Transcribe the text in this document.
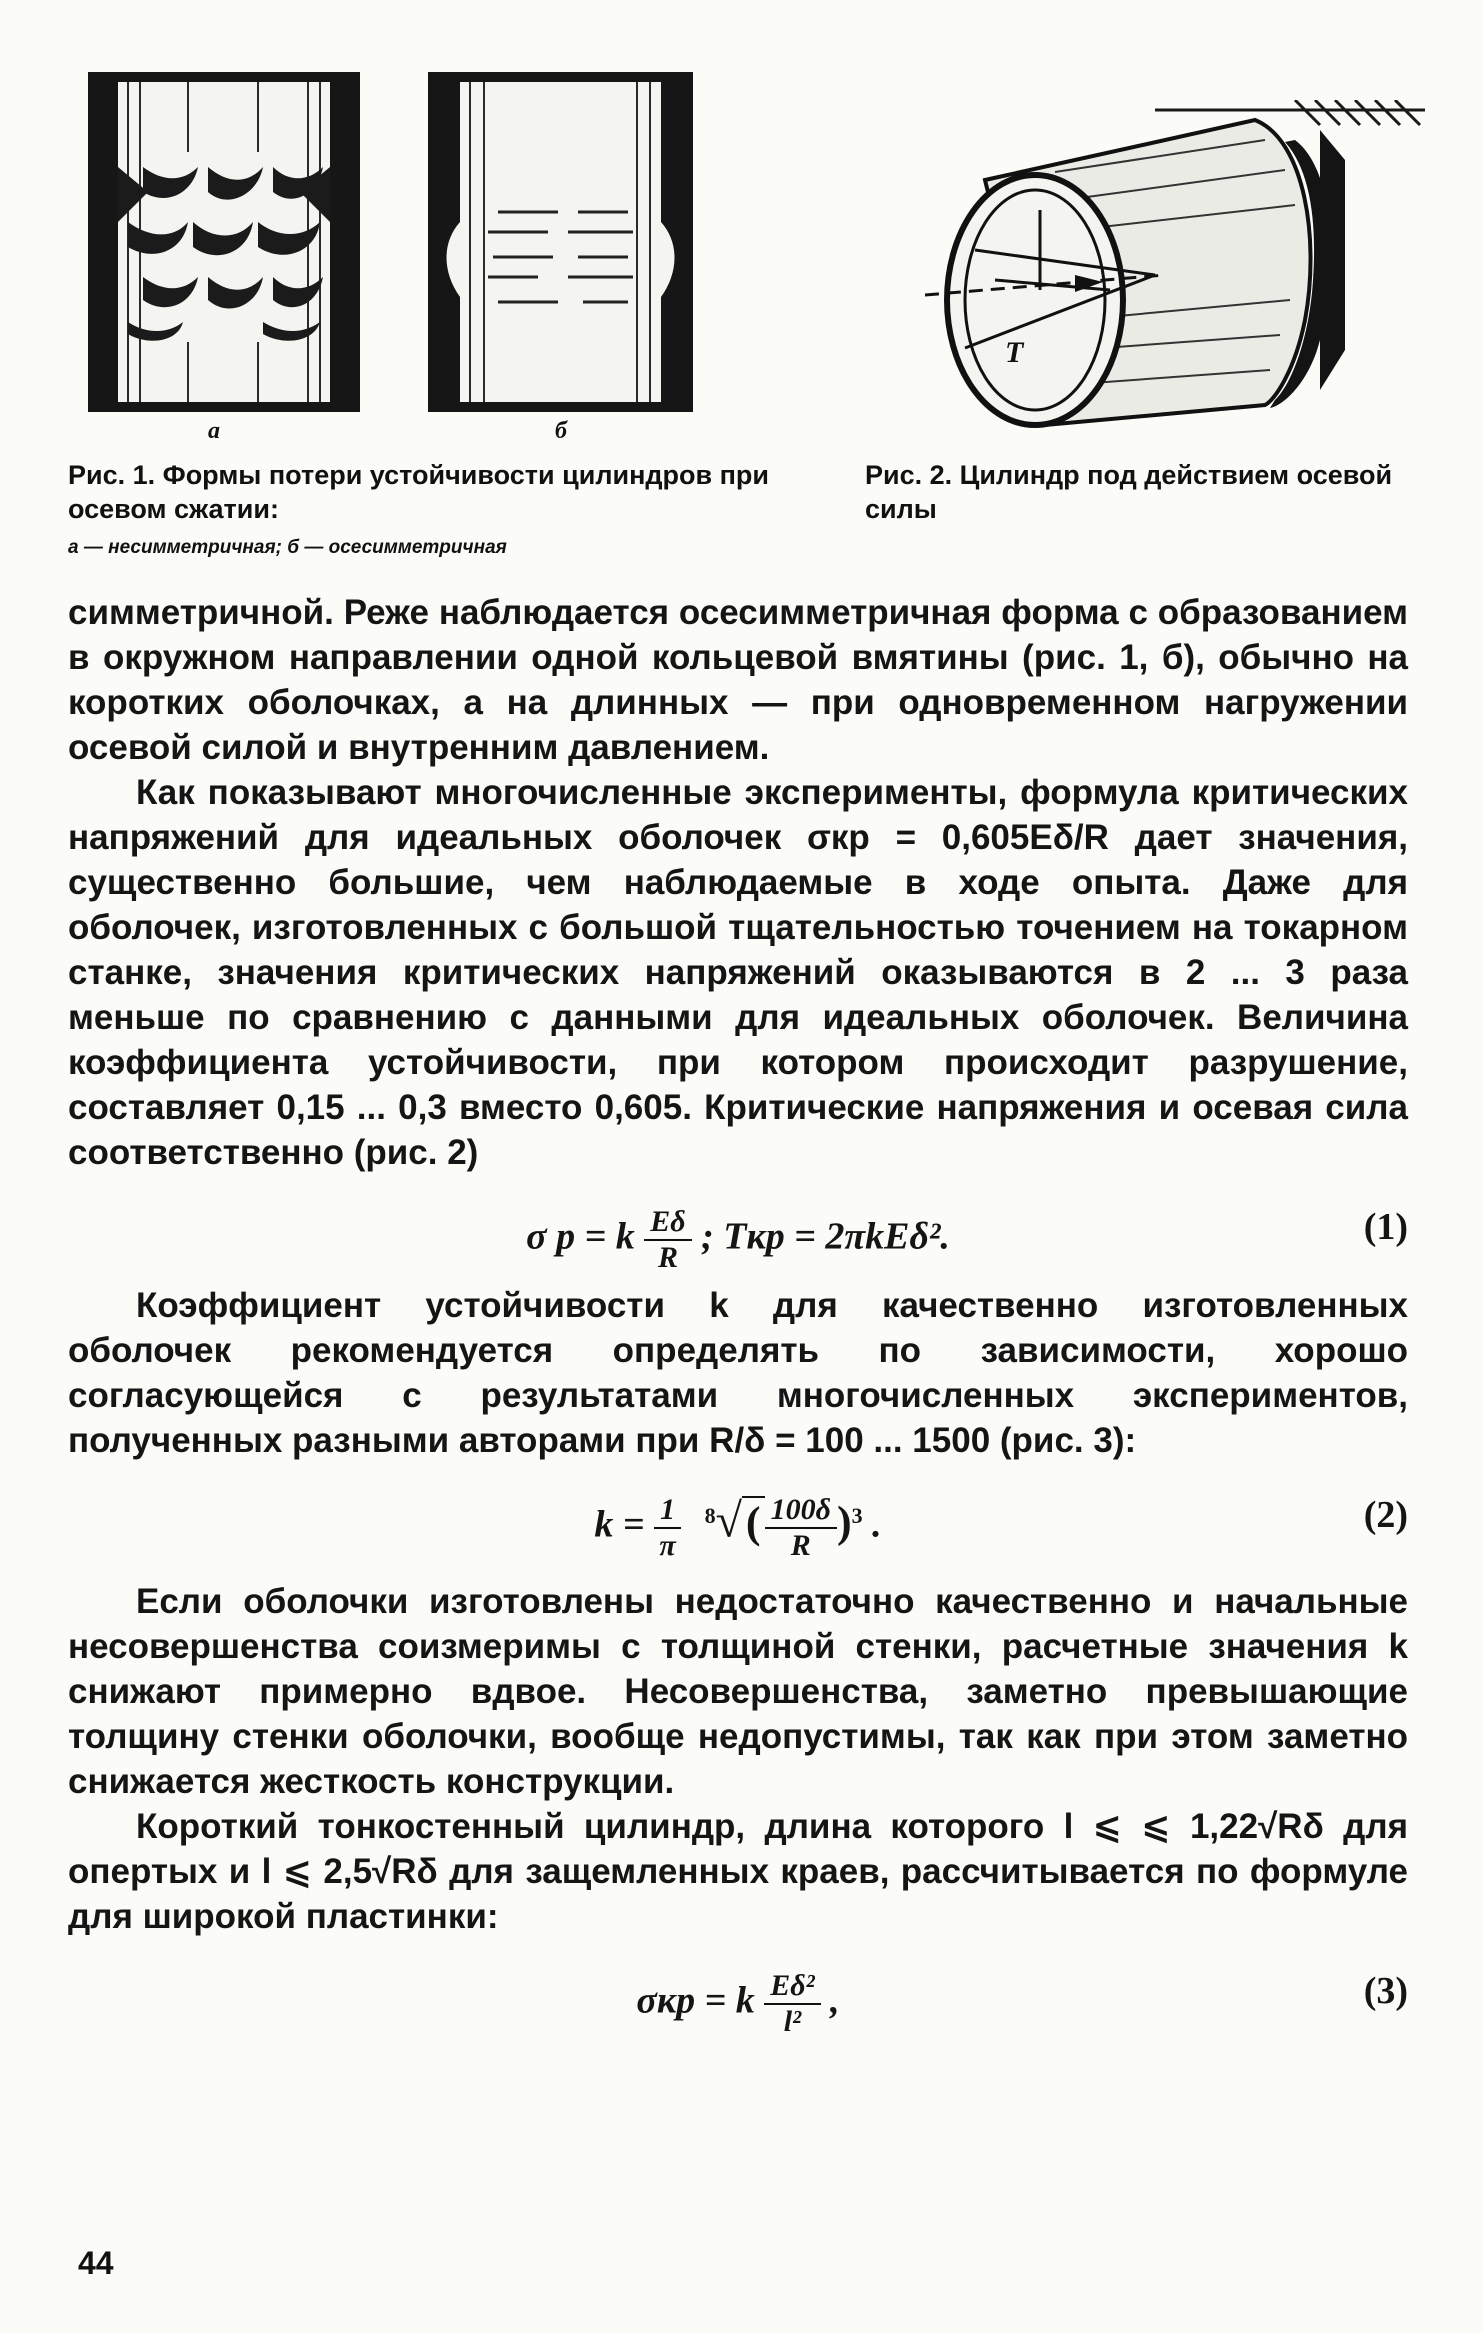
а	б
T
Рис. 1. Формы потери устойчивости цилиндров при осевом сжатии:
а — несимметричная; б — осесимметричная
Рис. 2. Цилиндр под действием осевой силы

симметричной. Реже наблюдается осесимметричная форма с образованием в окружном направлении одной кольцевой вмятины (рис. 1, б), обычно на коротких оболочках, а на длинных — при одновременном нагружении осевой силой и внутренним давлением.

Как показывают многочисленные эксперименты, формула критических напряжений для идеальных оболочек σкр = 0,605Eδ/R дает значения, существенно большие, чем наблюдаемые в ходе опыта. Даже для оболочек, изготовленных с большой тщательностью точением на токарном станке, значения критических напряжений оказываются в 2 ... 3 раза меньше по сравнению с данными для идеальных оболочек. Величина коэффициента устойчивости, при котором происходит разрушение, составляет 0,15 ... 0,3 вместо 0,605. Критические напряжения и осевая сила соответственно (рис. 2)

σ р = k $\frac{E\delta}{R}$ ; Tкр = 2πkEδ².	(1)

Коэффициент устойчивости k для качественно изготовленных оболочек рекомендуется определять по зависимости, хорошо согласующейся с результатами многочисленных экспериментов, полученных разными авторами при R/δ = 100 ... 1500 (рис. 3):

$k = \frac{1}{\pi} ^8√( \frac{100\delta}{R} )^3$ .	(2)

Если оболочки изготовлены недостаточно качественно и начальные несовершенства соизмеримы с толщиной стенки, расчетные значения k снижают примерно вдвое. Несовершенства, заметно превышающие толщину стенки оболочки, вообще недопустимы, так как при этом заметно снижается жесткость конструкции.

Короткий тонкостенный цилиндр, длина которого l ⩽ ⩽ 1,22√Rδ для опертых и l ⩽ 2,5√Rδ для защемленных краев, рассчитывается по формуле для широкой пластинки:

σкр = k $\frac{\text{Eδ²}}{\text{l²}}$ ,	(3)
44
